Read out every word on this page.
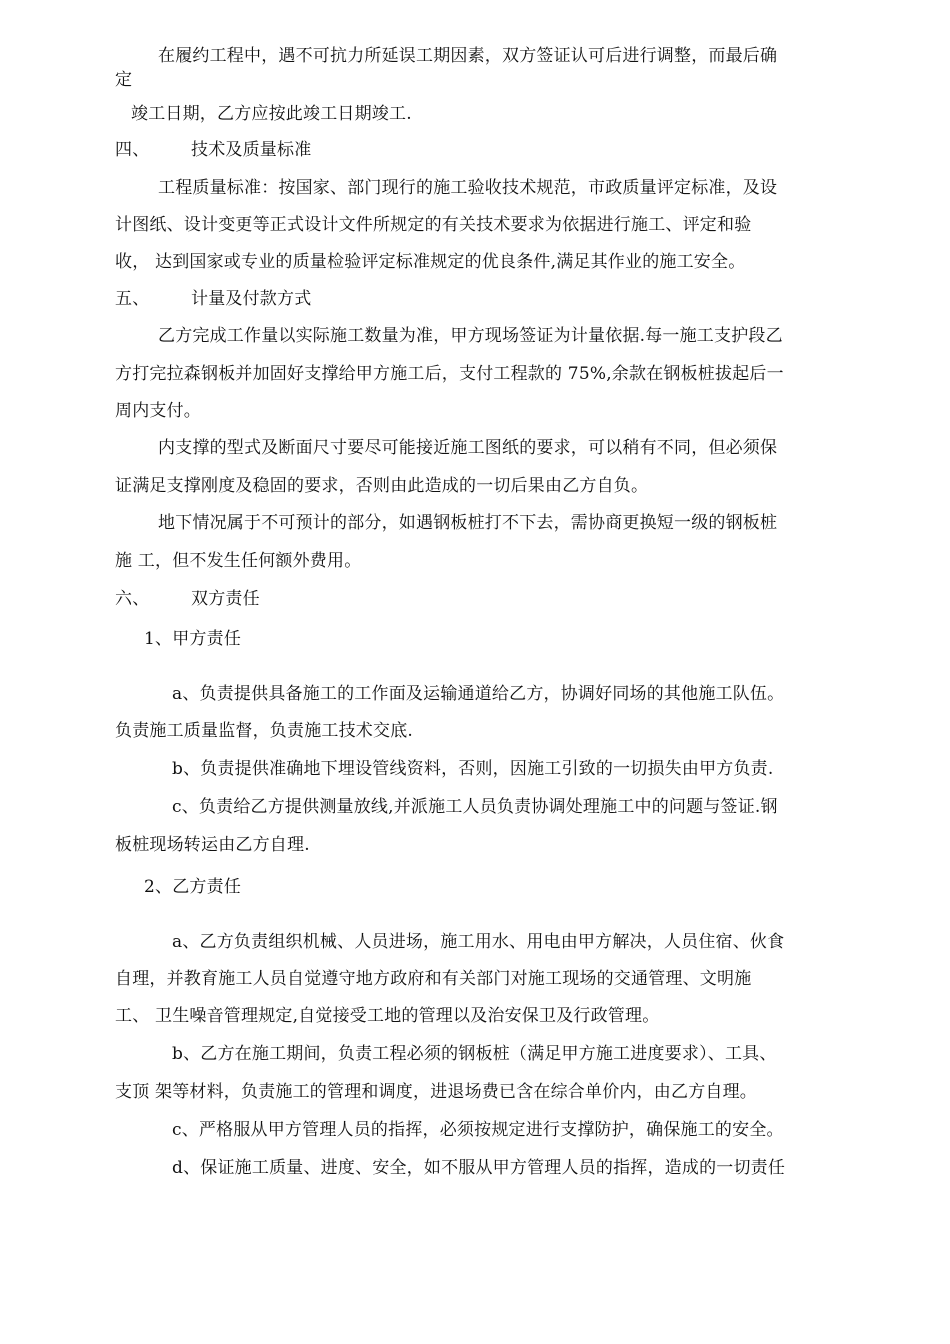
在履约工程中，遇不可抗力所延误工期因素，双方签证认可后进行调整，而最后确
定
竣工日期，乙方应按此竣工日期竣工.
四、 技术及质量标准
工程质量标准：按国家、部门现行的施工验收技术规范，市政质量评定标准，及设
计图纸、设计变更等正式设计文件所规定的有关技术要求为依据进行施工、评定和验
收， 达到国家或专业的质量检验评定标准规定的优良条件,满足其作业的施工安全。
五、 计量及付款方式
乙方完成工作量以实际施工数量为准，甲方现场签证为计量依据.每一施工支护段乙
方打完拉森钢板并加固好支撑给甲方施工后，支付工程款的 75%,余款在钢板桩拔起后一
周内支付。
内支撑的型式及断面尺寸要尽可能接近施工图纸的要求，可以稍有不同，但必须保
证满足支撑刚度及稳固的要求，否则由此造成的一切后果由乙方自负。
地下情况属于不可预计的部分，如遇钢板桩打不下去，需协商更换短一级的钢板桩
施 工，但不发生任何额外费用。
六、 双方责任
1、甲方责任
a、负责提供具备施工的工作面及运输通道给乙方，协调好同场的其他施工队伍。
负责施工质量监督，负责施工技术交底.
b、负责提供准确地下埋设管线资料，否则，因施工引致的一切损失由甲方负责.
c、负责给乙方提供测量放线,并派施工人员负责协调处理施工中的问题与签证.钢
板桩现场转运由乙方自理.
2、乙方责任
a、乙方负责组织机械、人员进场，施工用水、用电由甲方解决，人员住宿、伙食
自理，并教育施工人员自觉遵守地方政府和有关部门对施工现场的交通管理、文明施
工、 卫生噪音管理规定,自觉接受工地的管理以及治安保卫及行政管理。
b、乙方在施工期间，负责工程必须的钢板桩（满足甲方施工进度要求）、工具、
支顶 架等材料，负责施工的管理和调度，进退场费已含在综合单价内，由乙方自理。
c、严格服从甲方管理人员的指挥，必须按规定进行支撑防护，确保施工的安全。
d、保证施工质量、进度、安全，如不服从甲方管理人员的指挥，造成的一切责任
